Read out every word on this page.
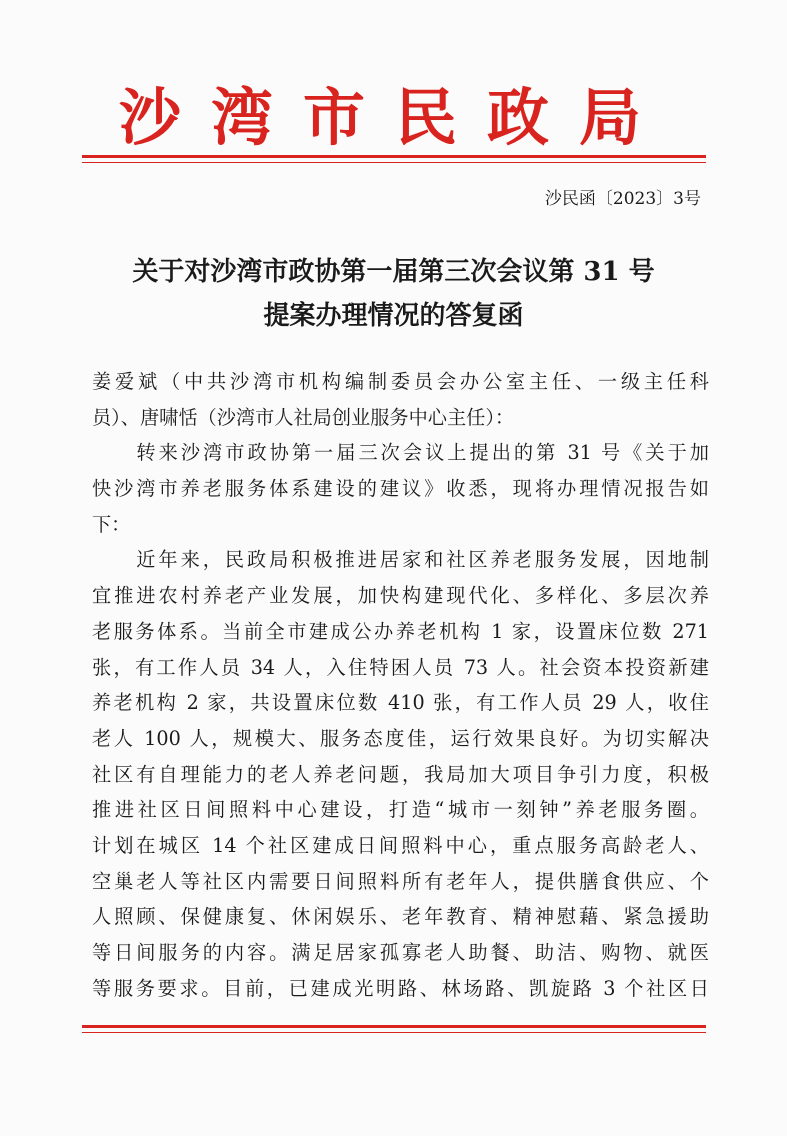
沙湾市民政局
沙民函〔2023〕3号
关于对沙湾市政协第一届第三次会议第 31 号
提案办理情况的答复函
姜爱斌（中共沙湾市机构编制委员会办公室主任、一级主任科
员）、唐啸恬（沙湾市人社局创业服务中心主任）：
　　转来沙湾市政协第一届三次会议上提出的第 31 号《关于加
快沙湾市养老服务体系建设的建议》收悉，现将办理情况报告如
下：
　　近年来，民政局积极推进居家和社区养老服务发展，因地制
宜推进农村养老产业发展，加快构建现代化、多样化、多层次养
老服务体系。当前全市建成公办养老机构 1 家，设置床位数 271
张，有工作人员 34 人，入住特困人员 73 人。社会资本投资新建
养老机构 2 家，共设置床位数 410 张，有工作人员 29 人，收住
老人 100 人，规模大、服务态度佳，运行效果良好。为切实解决
社区有自理能力的老人养老问题，我局加大项目争引力度，积极
推进社区日间照料中心建设，打造“城市一刻钟”养老服务圈。
计划在城区 14 个社区建成日间照料中心，重点服务高龄老人、
空巢老人等社区内需要日间照料所有老年人，提供膳食供应、个
人照顾、保健康复、休闲娱乐、老年教育、精神慰藉、紧急援助
等日间服务的内容。满足居家孤寡老人助餐、助洁、购物、就医
等服务要求。目前，已建成光明路、林场路、凯旋路 3 个社区日
